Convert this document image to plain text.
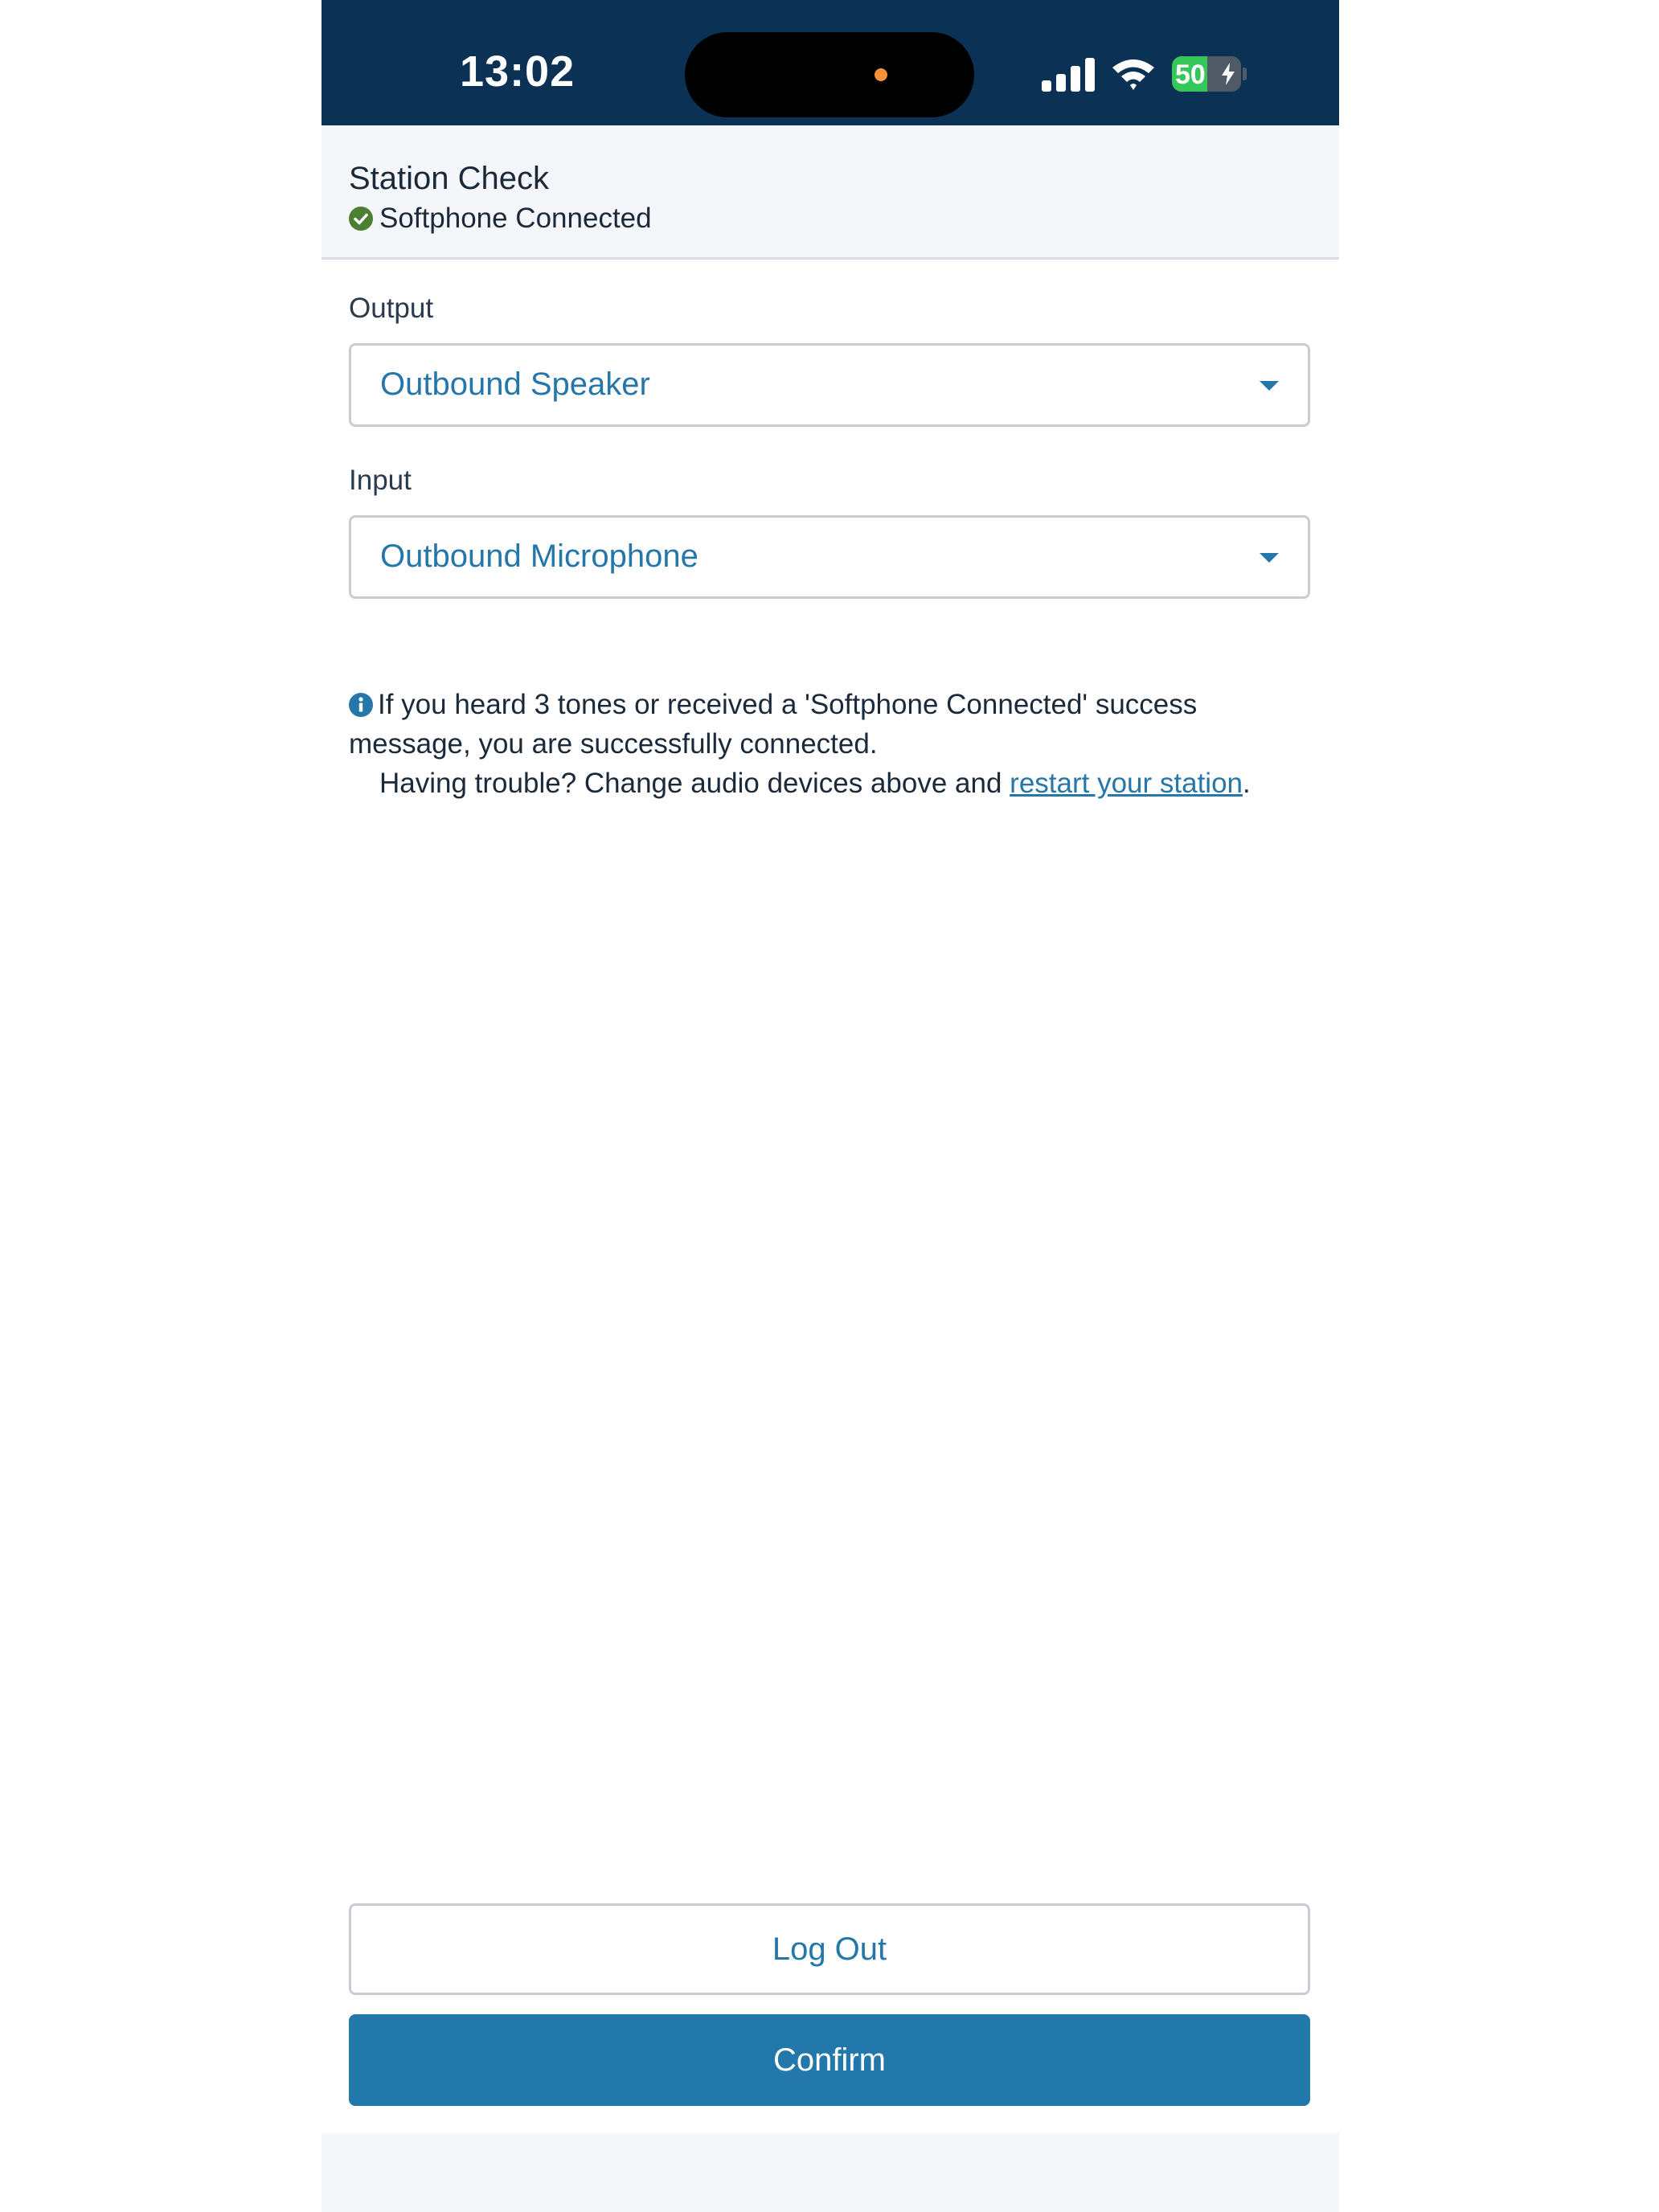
13:02	50
Station Check
Softphone Connected
Output
Outbound Speaker
Input
Outbound Microphone
If you heard 3 tones or received a 'Softphone Connected' success message, you are successfully connected.
Having trouble? Change audio devices above and restart your station.
Log Out
Confirm
